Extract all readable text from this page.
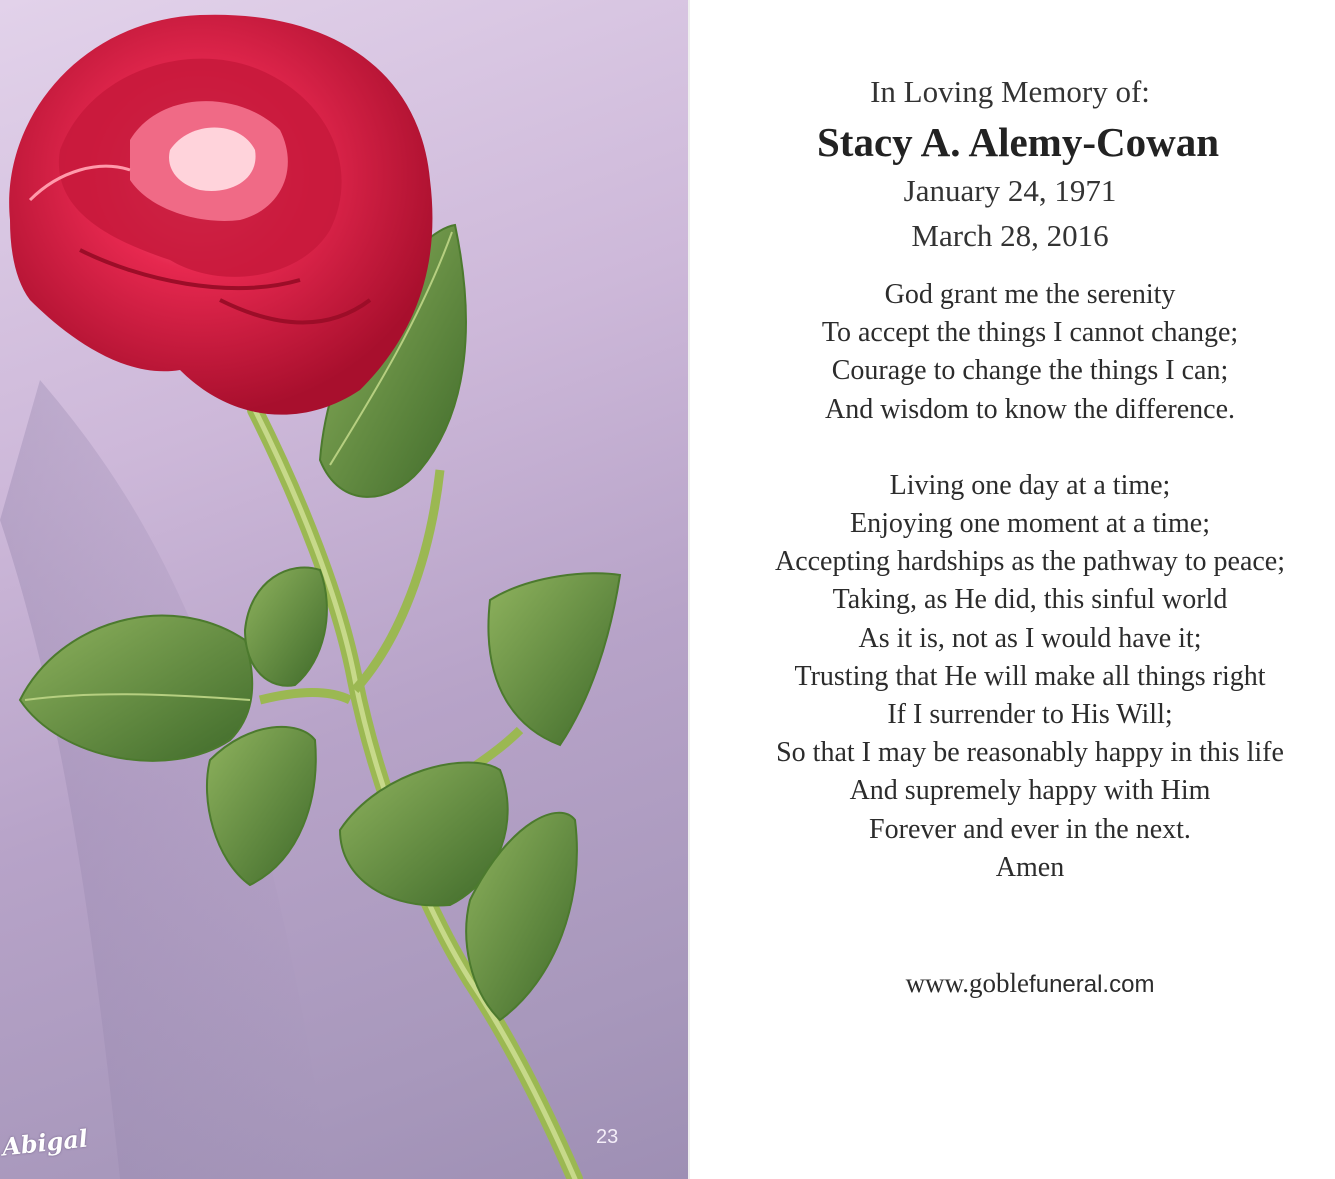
Abigal	23
In Loving Memory of:
Stacy A. Alemy-Cowan
January 24, 1971
March 28, 2016

God grant me the serenity

To accept the things I cannot change;

Courage to change the things I can;

And wisdom to know the difference.

Living one day at a time;

Enjoying one moment at a time;

Accepting hardships as the pathway to peace;

Taking, as He did, this sinful world

As it is, not as I would have it;

Trusting that He will make all things right

If I surrender to His Will;

So that I may be reasonably happy in this life

And supremely happy with Him

Forever and ever in the next.

Amen

www.goblefuneral.com
